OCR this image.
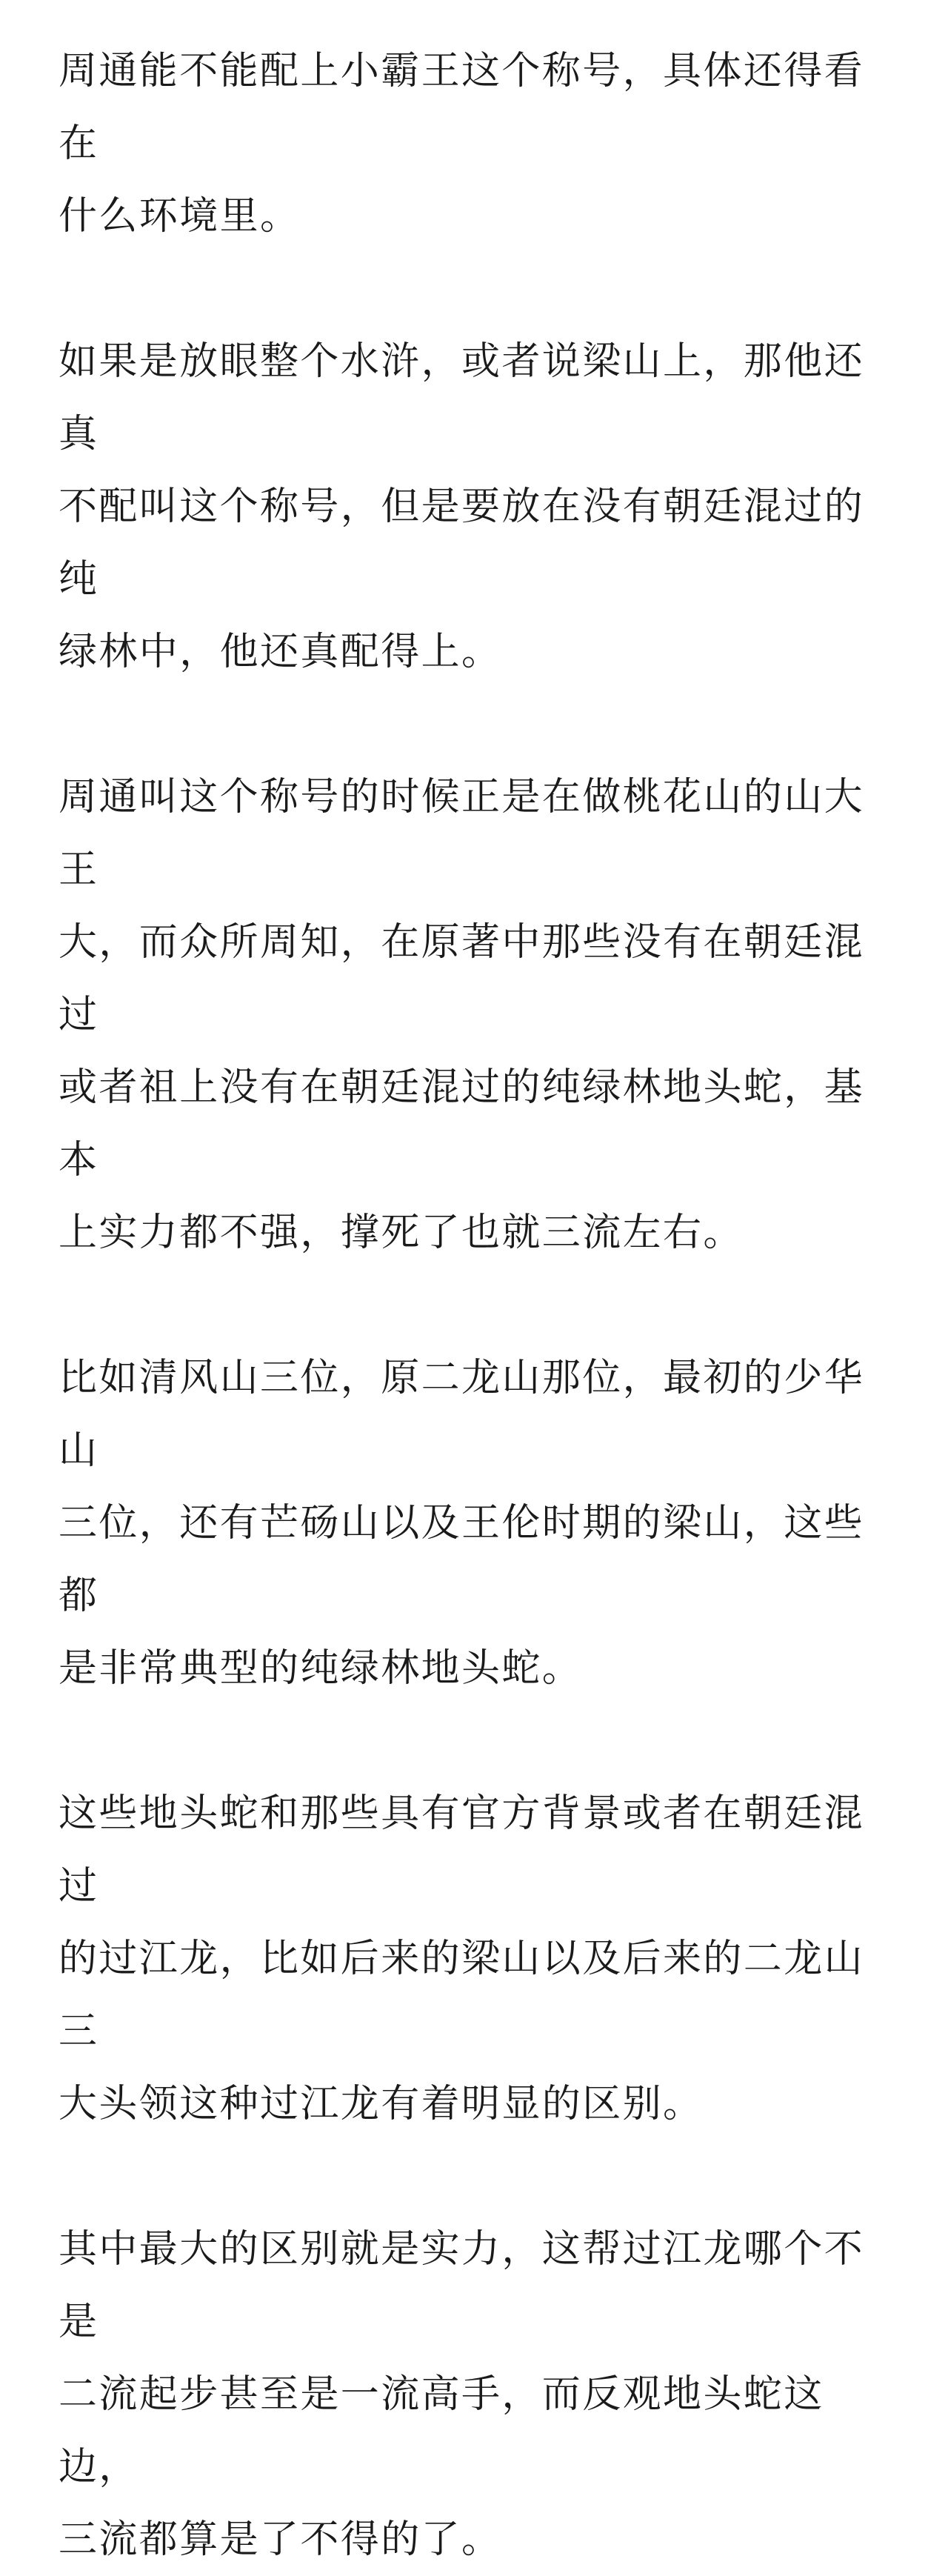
周通能不能配上小霸王这个称号，具体还得看在
什么环境里。

如果是放眼整个水浒，或者说梁山上，那他还真
不配叫这个称号，但是要放在没有朝廷混过的纯
绿林中，他还真配得上。

周通叫这个称号的时候正是在做桃花山的山大王
大，而众所周知，在原著中那些没有在朝廷混过
或者祖上没有在朝廷混过的纯绿林地头蛇，基本
上实力都不强，撑死了也就三流左右。

比如清风山三位，原二龙山那位，最初的少华山
三位，还有芒砀山以及王伦时期的梁山，这些都
是非常典型的纯绿林地头蛇。

这些地头蛇和那些具有官方背景或者在朝廷混过
的过江龙，比如后来的梁山以及后来的二龙山三
大头领这种过江龙有着明显的区别。

其中最大的区别就是实力，这帮过江龙哪个不是
二流起步甚至是一流高手，而反观地头蛇这边，
三流都算是了不得的了。
